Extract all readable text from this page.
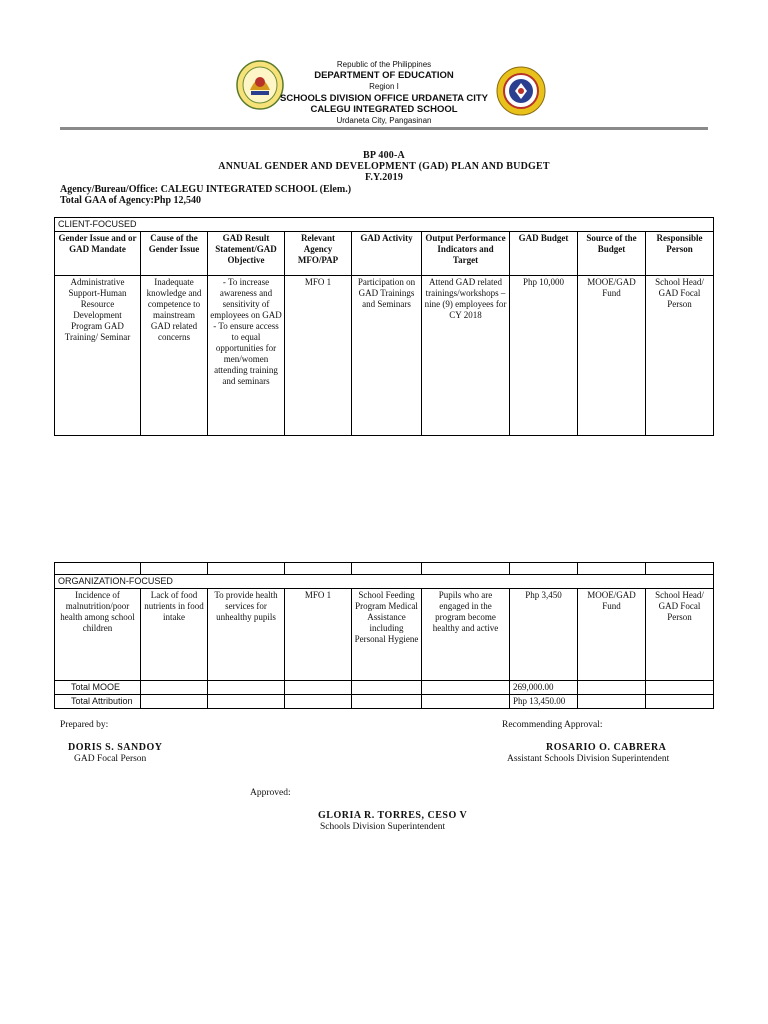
Republic of the Philippines
DEPARTMENT OF EDUCATION
Region I
SCHOOLS DIVISION OFFICE URDANETA CITY
CALEGU INTEGRATED SCHOOL
Urdaneta City, Pangasinan
BP 400-A
ANNUAL GENDER AND DEVELOPMENT (GAD) PLAN AND BUDGET
F.Y.2019
Agency/Bureau/Office: CALEGU INTEGRATED SCHOOL (Elem.)
Total GAA of Agency:Php 12,540
CLIENT-FOCUSED								
Gender Issue and or GAD Mandate	Cause of the Gender Issue	GAD Result Statement/GAD Objective	Relevant Agency MFO/PAP	GAD Activity	Output Performance Indicators and Target	GAD Budget	Source of the Budget	Responsible Person
Administrative Support-Human Resource Development Program GAD Training/ Seminar	Inadequate knowledge and competence to mainstream GAD related concerns	- To increase awareness and sensitivity of employees on GAD - To ensure access to equal opportunities for men/women attending training and seminars	MFO 1	Participation on GAD Trainings and Seminars	Attend GAD related trainings/workshops – nine (9) employees for CY 2018	Php 10,000	MOOE/GAD Fund	School Head/ GAD Focal Person

ORGANIZATION-FOCUSED								
Incidence of malnutrition/poor health among school children	Lack of food nutrients in food intake	To provide health services for unhealthy pupils	MFO 1	School Feeding Program Medical Assistance including Personal Hygiene	Pupils who are engaged in the program become healthy and active	Php 3,450	MOOE/GAD Fund	School Head/ GAD Focal Person
Total MOOE						269,000.00		
Total Attribution						Php 13,450.00		
Prepared by:
DORIS S. SANDOY
GAD Focal Person
Recommending Approval:
ROSARIO O. CABRERA
Assistant Schools Division Superintendent
Approved:
GLORIA R. TORRES, CESO V
Schools Division Superintendent
